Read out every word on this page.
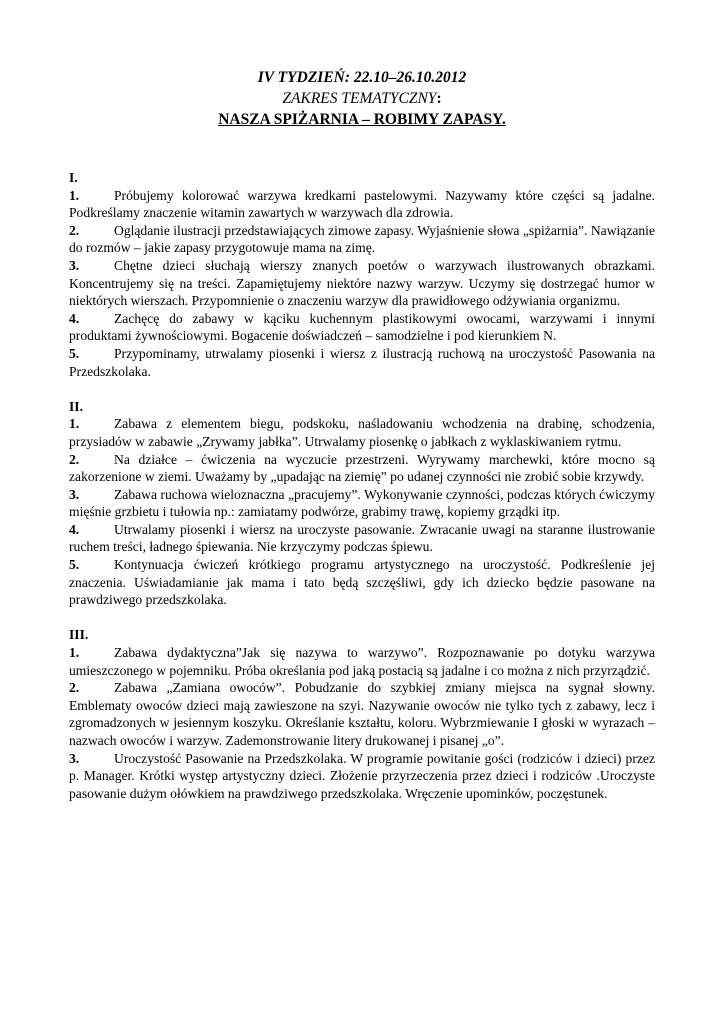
IV TYDZIEŃ: 22.10–26.10.2012
ZAKRES TEMATYCZNY:
NASZA SPIŻARNIA – ROBIMY ZAPASY.
I.
1.	Próbujemy kolorować warzywa kredkami pastelowymi. Nazywamy które części są jadalne. Podkreślamy znaczenie witamin zawartych w warzywach dla zdrowia.
2.	Oglądanie ilustracji przedstawiających zimowe zapasy. Wyjaśnienie słowa „spiżarnia”. Nawiązanie do rozmów – jakie zapasy przygotowuje mama na zimę.
3.	Chętne dzieci słuchają wierszy znanych poetów o warzywach ilustrowanych obrazkami. Koncentrujemy się na treści. Zapamiętujemy niektóre nazwy warzyw. Uczymy się dostrzegać humor w niektórych wierszach. Przypomnienie o znaczeniu warzyw dla prawidłowego odżywiania organizmu.
4.	Zachęcę do zabawy w kąciku kuchennym plastikowymi owocami, warzywami i innymi produktami żywnościowymi. Bogacenie doświadczeń – samodzielne i pod kierunkiem N.
5.	Przypominamy, utrwalamy piosenki i wiersz z ilustracją ruchową na uroczystość Pasowania na Przedszkolaka.
II.
1.	Zabawa z elementem biegu, podskoku, naśladowaniu wchodzenia na drabinę, schodzenia, przysiadów w zabawie „Zrywamy jabłka”. Utrwalamy piosenkę o jabłkach z wyklaskiwaniem rytmu.
2.	Na działce – ćwiczenia na wyczucie przestrzeni. Wyrywamy marchewki, które mocno są zakorzenione w ziemi. Uważamy by „upadając na ziemię” po udanej czynności nie zrobić sobie krzywdy.
3.	Zabawa ruchowa wieloznaczna „pracujemy”. Wykonywanie czynności, podczas których ćwiczymy mięśnie grzbietu i tułowia np.: zamiatamy podwórze, grabimy trawę, kopiemy grządki itp.
4.	Utrwalamy piosenki i wiersz na uroczyste pasowanie. Zwracanie uwagi na staranne ilustrowanie ruchem treści, ładnego śpiewania. Nie krzyczymy podczas śpiewu.
5.	Kontynuacja ćwiczeń krótkiego programu artystycznego na uroczystość. Podkreślenie jej znaczenia. Uświadamianie jak mama i tato będą szczęśliwi, gdy ich dziecko będzie pasowane na prawdziwego przedszkolaka.
III.
1.	Zabawa dydaktyczna”Jak się nazywa to warzywo”. Rozpoznawanie po dotyku warzywa umieszczonego w pojemniku. Próba określania pod jaką postacią są jadalne i co można z nich przyrządzić.
2.	Zabawa „Zamiana owoców”. Pobudzanie do szybkiej zmiany miejsca na sygnał słowny. Emblematy owoców dzieci mają zawieszone na szyi. Nazywanie owoców nie tylko tych z zabawy, lecz i zgromadzonych w jesiennym koszyku. Określanie kształtu, koloru. Wybrzmiewanie I głoski w wyrazach – nazwach owoców i warzyw. Zademonstrowanie litery drukowanej i pisanej „o”.
3.	Uroczystość Pasowanie na Przedszkolaka. W programie powitanie gości (rodziców i dzieci) przez p. Manager. Krótki występ artystyczny dzieci. Złożenie przyrzeczenia przez dzieci i rodziców .Uroczyste pasowanie dużym ołówkiem na prawdziwego przedszkolaka. Wręczenie upominków, poczęstunek.
